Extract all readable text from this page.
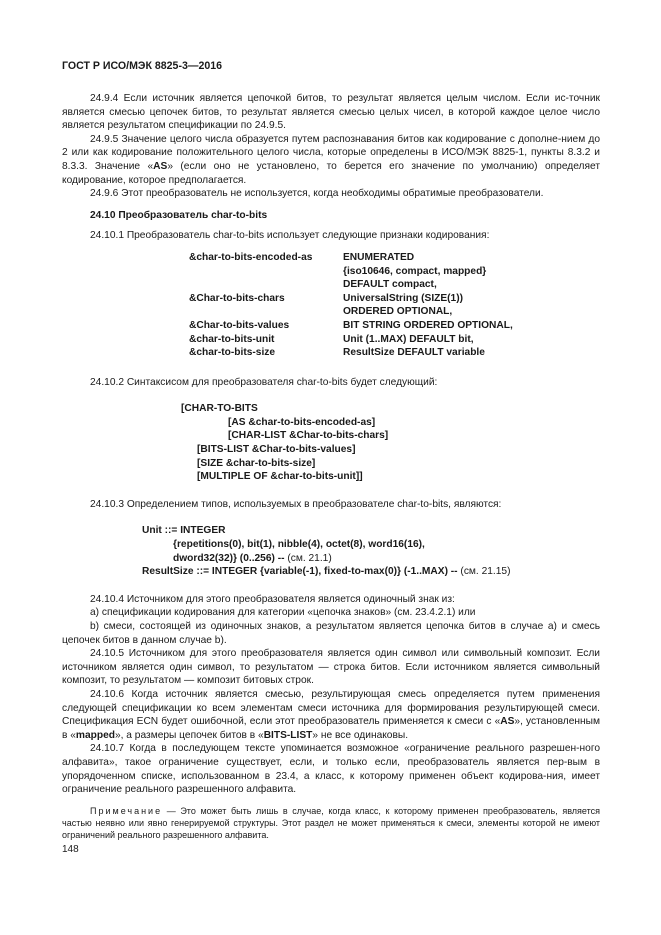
ГОСТ Р ИСО/МЭК 8825-3—2016

24.9.4 Если источник является цепочкой битов, то результат является целым числом. Если ис-точник является смесью цепочек битов, то результат является смесью целых чисел, в которой каждое целое число является результатом спецификации по 24.9.5.

24.9.5 Значение целого числа образуется путем распознавания битов как кодирование с дополне-нием до 2 или как кодирование положительного целого числа, которые определены в ИСО/МЭК 8825-1, пункты 8.3.2 и 8.3.3. Значение «AS» (если оно не установлено, то берется его значение по умолчанию) определяет кодирование, которое предполагается.

24.9.6 Этот преобразователь не используется, когда необходимы обратимые преобразователи.

24.10 Преобразователь char-to-bits

24.10.1 Преобразователь char-to-bits использует следующие признаки кодирования:

&char-to-bits-encoded-as	ENUMERATED
{iso10646, compact, mapped}
DEFAULT compact,
&Char-to-bits-chars	UniversalString (SIZE(1))
ORDERED OPTIONAL,
&Char-to-bits-values	BIT STRING ORDERED OPTIONAL,
&char-to-bits-unit	Unit (1..MAX) DEFAULT bit,
&char-to-bits-size	ResultSize DEFAULT variable

24.10.2 Синтаксисом для преобразователя char-to-bits будет следующий:

[CHAR-TO-BITS
[AS &char-to-bits-encoded-as]
[CHAR-LIST &Char-to-bits-chars]
[BITS-LIST &Char-to-bits-values]
[SIZE &char-to-bits-size]
[MULTIPLE OF &char-to-bits-unit]]

24.10.3 Определением типов, используемых в преобразователе char-to-bits, являются:

Unit ::= INTEGER
{repetitions(0), bit(1), nibble(4), octet(8), word16(16),
dword32(32)} (0..256) -- (см. 21.1)
ResultSize ::= INTEGER {variable(-1), fixed-to-max(0)} (-1..MAX) -- (см. 21.15)

24.10.4 Источником для этого преобразователя является одиночный знак из:

а) спецификации кодирования для категории «цепочка знаков» (см. 23.4.2.1) или

b) смеси, состоящей из одиночных знаков, а результатом является цепочка битов в случае а) и смесь цепочек битов в данном случае b).

24.10.5 Источником для этого преобразователя является один символ или символьный композит. Если источником является один символ, то результатом — строка битов. Если источником является символьный композит, то результатом — композит битовых строк.

24.10.6 Когда источник является смесью, результирующая смесь определяется путем применения следующей спецификации ко всем элементам смеси источника для формирования результирующей смеси. Спецификация ECN будет ошибочной, если этот преобразователь применяется к смеси с «AS», установленным в «mapped», а размеры цепочек битов в «BITS-LIST» не все одинаковы.

24.10.7 Когда в последующем тексте упоминается возможное «ограничение реального разрешен-ного алфавита», такое ограничение существует, если, и только если, преобразователь является пер-вым в упорядоченном списке, использованном в 23.4, а класс, к которому применен объект кодирова-ния, имеет ограничение реального разрешенного алфавита.

Примечание — Это может быть лишь в случае, когда класс, к которому применен преобразователь, является частью неявно или явно генерируемой структуры. Этот раздел не может применяться к смеси, элементы которой не имеют ограничений реального разрешенного алфавита.

148
